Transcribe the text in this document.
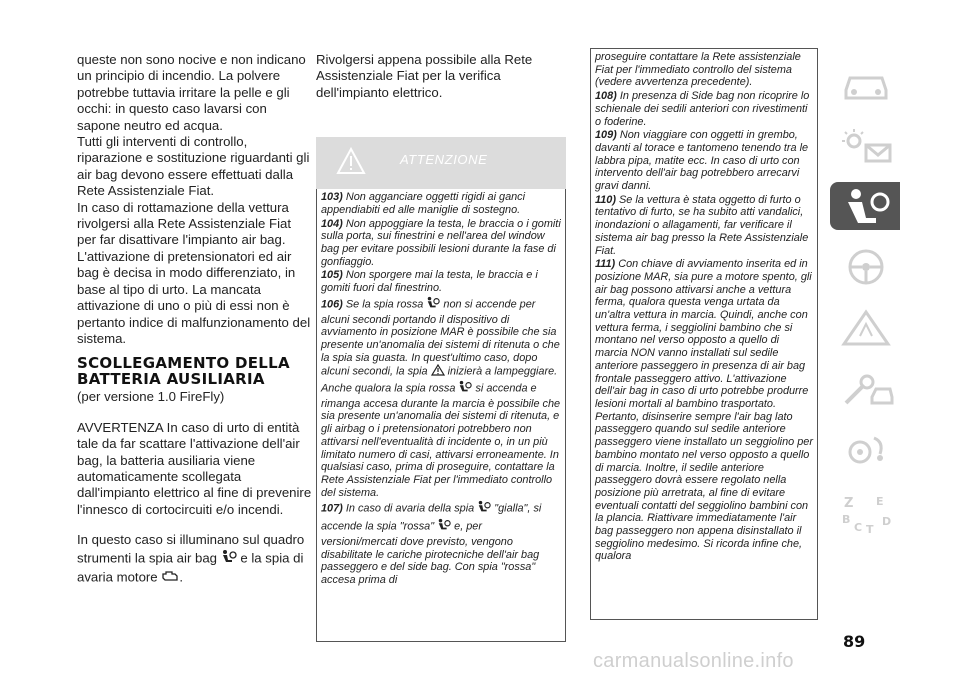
queste non sono nocive e non indicano un principio di incendio. La polvere potrebbe tuttavia irritare la pelle e gli occhi: in questo caso lavarsi con sapone neutro ed acqua.

Tutti gli interventi di controllo, riparazione e sostituzione riguardanti gli air bag devono essere effettuati dalla Rete Assistenziale Fiat.

In caso di rottamazione della vettura rivolgersi alla Rete Assistenziale Fiat per far disattivare l'impianto air bag. L'attivazione di pretensionatori ed air bag è decisa in modo differenziato, in base al tipo di urto. La mancata attivazione di uno o più di essi non è pertanto indice di malfunzionamento del sistema.

SCOLLEGAMENTO DELLA BATTERIA AUSILIARIA

(per versione 1.0 FireFly)

AVVERTENZA In caso di urto di entità tale da far scattare l'attivazione dell'air bag, la batteria ausiliaria viene automaticamente scollegata dall'impianto elettrico al fine di prevenire l'innesco di cortocircuiti e/o incendi.

In questo caso si illuminano sul quadro strumenti la spia air bag e la spia di avaria motore .

Rivolgersi appena possibile alla Rete Assistenziale Fiat per la verifica dell'impianto elettrico.

ATTENZIONE

103) Non agganciare oggetti rigidi ai ganci appendiabiti ed alle maniglie di sostegno.

104) Non appoggiare la testa, le braccia o i gomiti sulla porta, sui finestrini e nell'area del window bag per evitare possibili lesioni durante la fase di gonfiaggio.

105) Non sporgere mai la testa, le braccia e i gomiti fuori dal finestrino.

106) Se la spia rossa non si accende per alcuni secondi portando il dispositivo di avviamento in posizione MAR è possibile che sia presente un'anomalia dei sistemi di ritenuta o che la spia sia guasta. In quest'ultimo caso, dopo alcuni secondi, la spia inizierà a lampeggiare. Anche qualora la spia rossa si accenda e rimanga accesa durante la marcia è possibile che sia presente un'anomalia dei sistemi di ritenuta, e gli airbag o i pretensionatori potrebbero non attivarsi nell'eventualità di incidente o, in un più limitato numero di casi, attivarsi erroneamente. In qualsiasi caso, prima di proseguire, contattare la Rete Assistenziale Fiat per l'immediato controllo del sistema.

107) In caso di avaria della spia "gialla", si accende la spia "rossa" e, per versioni/mercati dove previsto, vengono disabilitate le cariche pirotecniche dell'air bag passeggero e del side bag. Con spia "rossa" accesa prima di

proseguire contattare la Rete assistenziale Fiat per l'immediato controllo del sistema (vedere avvertenza precedente).

108) In presenza di Side bag non ricoprire lo schienale dei sedili anteriori con rivestimenti o foderine.

109) Non viaggiare con oggetti in grembo, davanti al torace e tantomeno tenendo tra le labbra pipa, matite ecc. In caso di urto con intervento dell'air bag potrebbero arrecarvi gravi danni.

110) Se la vettura è stata oggetto di furto o tentativo di furto, se ha subito atti vandalici, inondazioni o allagamenti, far verificare il sistema air bag presso la Rete Assistenziale Fiat.

111) Con chiave di avviamento inserita ed in posizione MAR, sia pure a motore spento, gli air bag possono attivarsi anche a vettura ferma, qualora questa venga urtata da un'altra vettura in marcia. Quindi, anche con vettura ferma, i seggiolini bambino che si montano nel verso opposto a quello di marcia NON vanno installati sul sedile anteriore passeggero in presenza di air bag frontale passeggero attivo. L'attivazione dell'air bag in caso di urto potrebbe produrre lesioni mortali al bambino trasportato. Pertanto, disinserire sempre l'air bag lato passeggero quando sul sedile anteriore passeggero viene installato un seggiolino per bambino montato nel verso opposto a quello di marcia. Inoltre, il sedile anteriore passeggero dovrà essere regolato nella posizione più arretrata, al fine di evitare eventuali contatti del seggiolino bambini con la plancia. Riattivare immediatamente l'air bag passeggero non appena disinstallato il seggiolino medesimo. Si ricorda infine che, qualora

Z E
B
C T
D
89
carmanualsonline.info
